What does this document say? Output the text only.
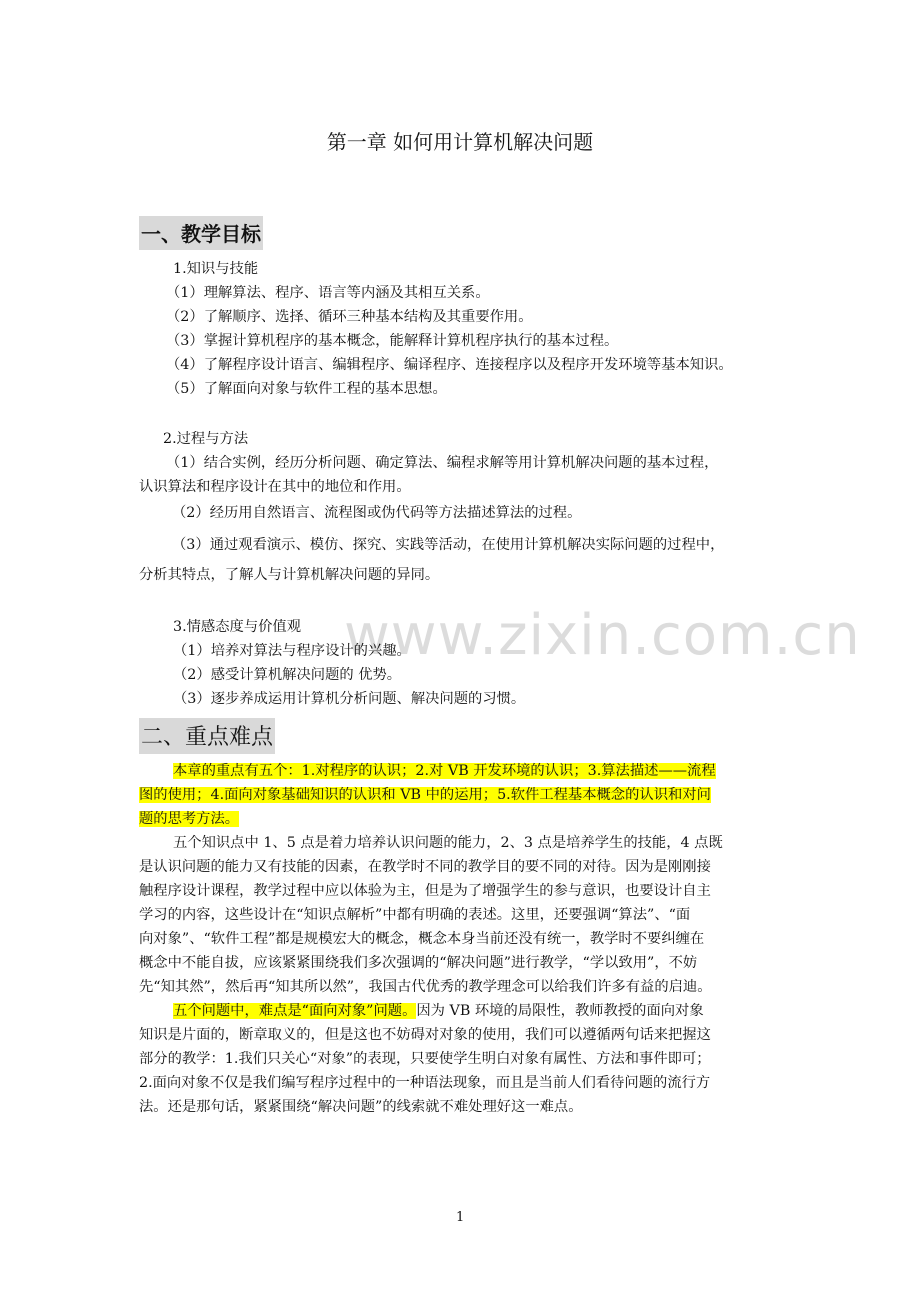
第一章 如何用计算机解决问题
一、教学目标
1.知识与技能
（1）理解算法、程序、语言等内涵及其相互关系。
（2）了解顺序、选择、循环三种基本结构及其重要作用。
（3）掌握计算机程序的基本概念，能解释计算机程序执行的基本过程。
（4）了解程序设计语言、编辑程序、编译程序、连接程序以及程序开发环境等基本知识。
（5）了解面向对象与软件工程的基本思想。
2.过程与方法
（1）结合实例，经历分析问题、确定算法、编程求解等用计算机解决问题的基本过程，
认识算法和程序设计在其中的地位和作用。
（2）经历用自然语言、流程图或伪代码等方法描述算法的过程。
（3）通过观看演示、模仿、探究、实践等活动，在使用计算机解决实际问题的过程中，
分析其特点，了解人与计算机解决问题的异同。
www.zixin.com.cn
3.情感态度与价值观
（1）培养对算法与程序设计的兴趣。
（2）感受计算机解决问题的 优势。
（3）逐步养成运用计算机分析问题、解决问题的习惯。
二、重点难点
本章的重点有五个：1.对程序的认识；2.对 VB 开发环境的认识；3.算法描述——流程
图的使用；4.面向对象基础知识的认识和 VB 中的运用；5.软件工程基本概念的认识和对问
题的思考方法。
五个知识点中 1、5 点是着力培养认识问题的能力，2、3 点是培养学生的技能，4 点既
是认识问题的能力又有技能的因素，在教学时不同的教学目的要不同的对待。因为是刚刚接
触程序设计课程，教学过程中应以体验为主，但是为了增强学生的参与意识，也要设计自主
学习的内容，这些设计在“知识点解析”中都有明确的表述。这里，还要强调“算法”、“面
向对象”、“软件工程”都是规模宏大的概念，概念本身当前还没有统一，教学时不要纠缠在
概念中不能自拔，应该紧紧围绕我们多次强调的“解决问题”进行教学，“学以致用”，不妨
先“知其然”，然后再“知其所以然”，我国古代优秀的教学理念可以给我们许多有益的启迪。
五个问题中，难点是“面向对象”问题。因为 VB 环境的局限性，教师教授的面向对象
知识是片面的，断章取义的，但是这也不妨碍对对象的使用，我们可以遵循两句话来把握这
部分的教学：1.我们只关心“对象”的表现，只要使学生明白对象有属性、方法和事件即可；
2.面向对象不仅是我们编写程序过程中的一种语法现象，而且是当前人们看待问题的流行方
法。还是那句话，紧紧围绕“解决问题”的线索就不难处理好这一难点。
1
